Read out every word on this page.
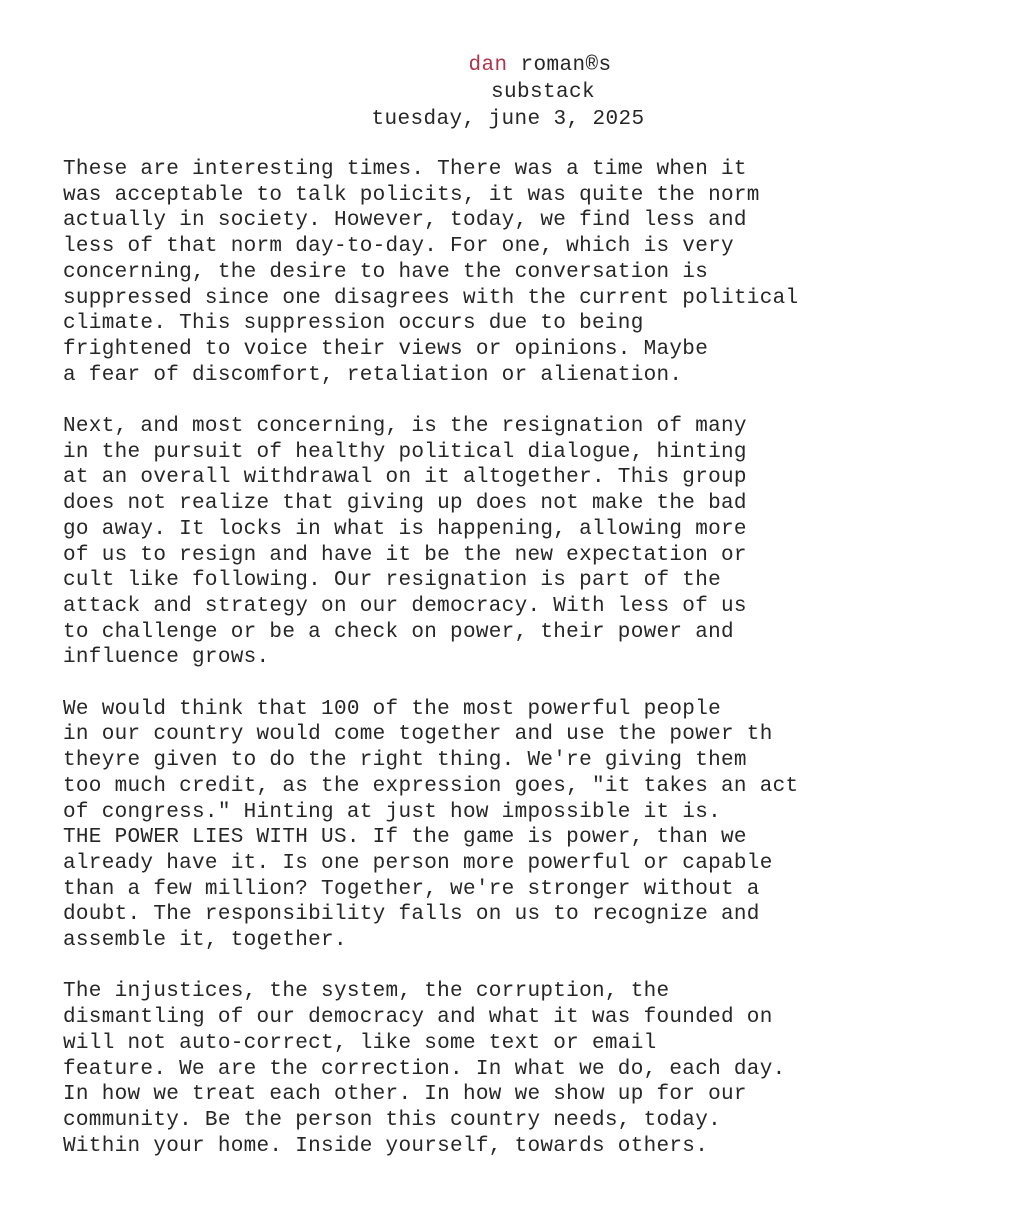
dan roman®s
substack
tuesday, june 3, 2025
These are interesting times. There was a time when it
was acceptable to talk policits, it was quite the norm
actually in society. However, today, we find less and
less of that norm day-to-day. For one, which is very
concerning, the desire to have the conversation is
suppressed since one disagrees with the current political
climate. This suppression occurs due to being
frightened to voice their views or opinions. Maybe
a fear of discomfort, retaliation or alienation.
Next, and most concerning, is the resignation of many
in the pursuit of healthy political dialogue, hinting
at an overall withdrawal on it altogether. This group
does not realize that giving up does not make the bad
go away. It locks in what is happening, allowing more
of us to resign and have it be the new expectation or
cult like following. Our resignation is part of the
attack and strategy on our democracy. With less of us
to challenge or be a check on power, their power and
influence grows.
We would think that 100 of the most powerful people
in our country would come together and use the power th
theyre given to do the right thing. We're giving them
too much credit, as the expression goes, "it takes an act
of congress." Hinting at just how impossible it is.
THE POWER LIES WITH US. If the game is power, than we
already have it. Is one person more powerful or capable
than a few million? Together, we're stronger without a
doubt. The responsibility falls on us to recognize and
assemble it, together.
The injustices, the system, the corruption, the
dismantling of our democracy and what it was founded on
will not auto-correct, like some text or email
feature. We are the correction. In what we do, each day.
In how we treat each other. In how we show up for our
community. Be the person this country needs, today.
Within your home. Inside yourself, towards others.
